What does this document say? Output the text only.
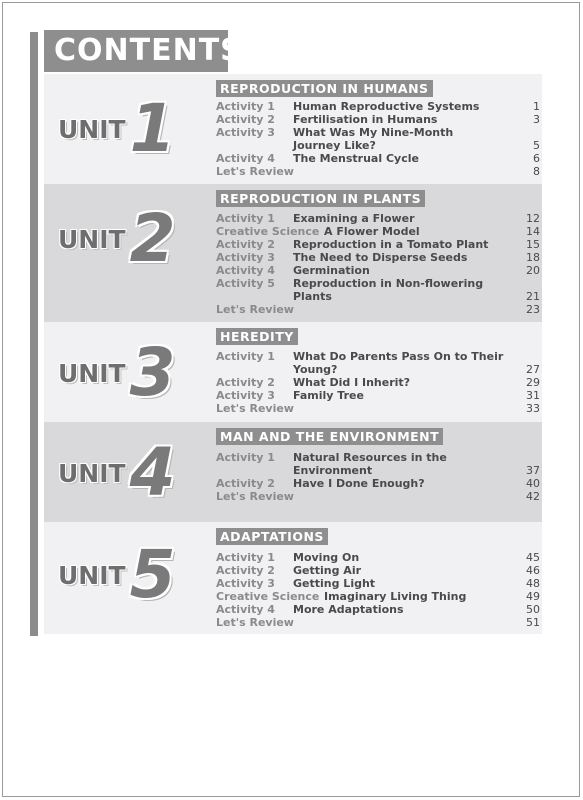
CONTENTS
UNIT 1
REPRODUCTION IN HUMANS
Activity 1	Human Reproductive Systems	1
Activity 2	Fertilisation in Humans	3
Activity 3	What Was My Nine-Month
Journey Like?	5
Activity 4	The Menstrual Cycle	6
Let's Review	8
UNIT 2
REPRODUCTION IN PLANTS
Activity 1	Examining a Flower	12
Creative Science A Flower Model	14
Activity 2	Reproduction in a Tomato Plant	15
Activity 3	The Need to Disperse Seeds	18
Activity 4	Germination	20
Activity 5	Reproduction in Non-flowering
Plants	21
Let's Review	23
UNIT 3	HEREDITY
Activity 1	What Do Parents Pass On to Their
Young?	27
Activity 2	What Did I Inherit?	29
Activity 3	Family Tree	31
Let's Review	33
UNIT 4	MAN AND THE ENVIRONMENT
Activity 1	Natural Resources in the
Environment	37
Activity 2	Have I Done Enough?	40
Let's Review	42
UNIT 5	ADAPTATIONS
Activity 1	Moving On	45
Activity 2	Getting Air	46
Activity 3	Getting Light	48
Creative Science Imaginary Living Thing	49
Activity 4	More Adaptations	50
Let's Review	51
